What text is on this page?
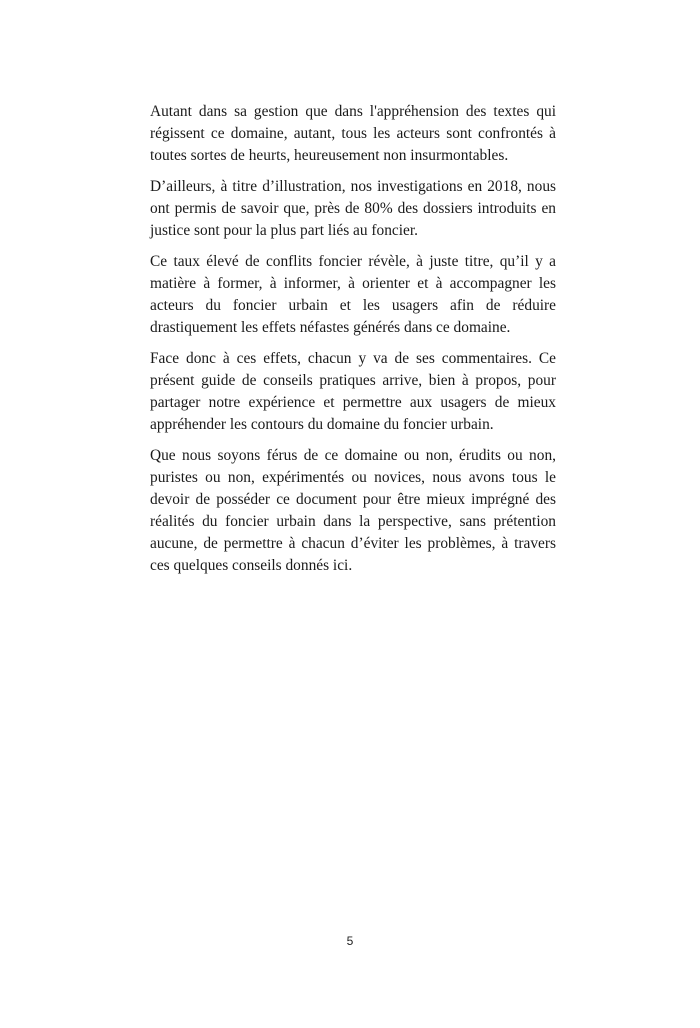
Autant dans sa gestion que dans l'appréhension des textes qui régissent ce domaine, autant, tous les acteurs sont confrontés à toutes sortes de heurts, heureusement non insurmontables.

D’ailleurs, à titre d’illustration, nos investigations en 2018, nous ont permis de savoir que, près de 80% des dossiers introduits en justice sont pour la plus part liés au foncier.

Ce taux élevé de conflits foncier révèle, à juste titre, qu’il y a matière à former, à informer, à orienter et à accompagner les acteurs du foncier urbain et les usagers afin de réduire drastiquement les effets néfastes générés dans ce domaine.

Face donc à ces effets, chacun y va de ses commentaires. Ce présent guide de conseils pratiques arrive, bien à propos, pour partager notre expérience et permettre aux usagers de mieux appréhender les contours du domaine du foncier urbain.

Que nous soyons férus de ce domaine ou non, érudits ou non, puristes ou non, expérimentés ou novices, nous avons tous le devoir de posséder ce document pour être mieux imprégné des réalités du foncier urbain dans la perspective, sans prétention aucune, de permettre à chacun d’éviter les problèmes, à travers ces quelques conseils donnés ici.

5
